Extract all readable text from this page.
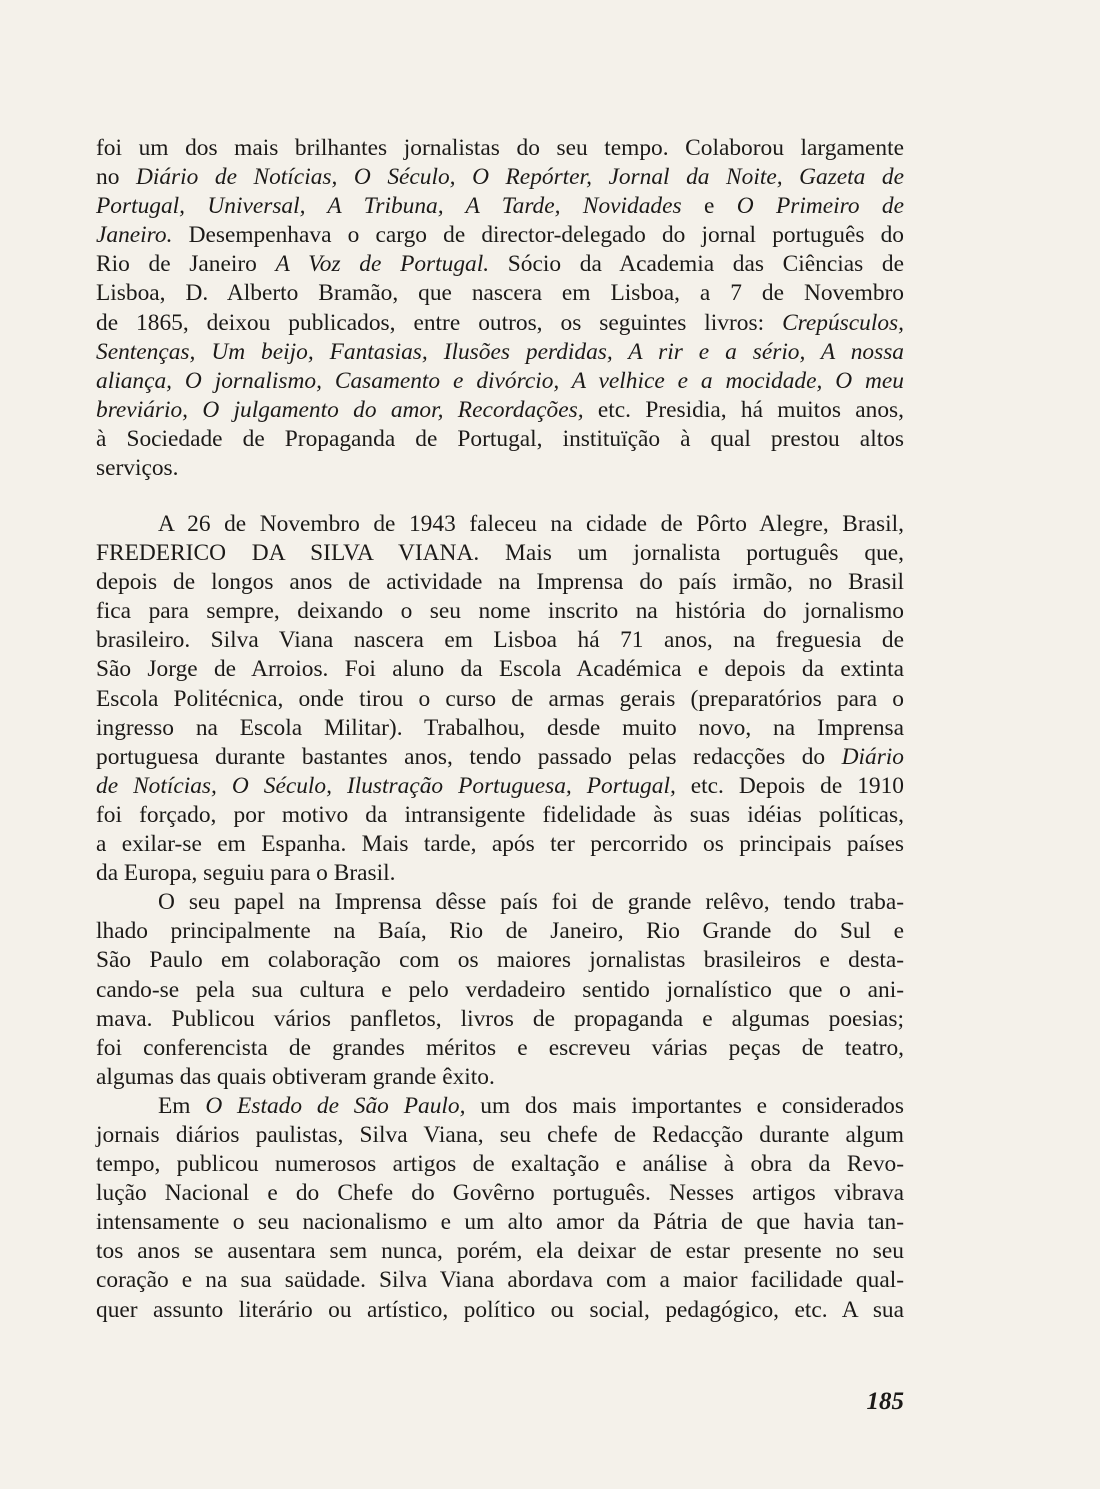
foi um dos mais brilhantes jornalistas do seu tempo. Colaborou largamente
no Diário de Notícias, O Século, O Repórter, Jornal da Noite, Gazeta de
Portugal, Universal, A Tribuna, A Tarde, Novidades e O Primeiro de
Janeiro. Desempenhava o cargo de director-delegado do jornal português do
Rio de Janeiro A Voz de Portugal. Sócio da Academia das Ciências de
Lisboa, D. Alberto Bramão, que nascera em Lisboa, a 7 de Novembro
de 1865, deixou publicados, entre outros, os seguintes livros: Crepúsculos,
Sentenças, Um beijo, Fantasias, Ilusões perdidas, A rir e a sério, A nossa
aliança, O jornalismo, Casamento e divórcio, A velhice e a mocidade, O meu
breviário, O julgamento do amor, Recordações, etc. Presidia, há muitos anos,
à Sociedade de Propaganda de Portugal, instituïção à qual prestou altos
serviços.
A 26 de Novembro de 1943 faleceu na cidade de Pôrto Alegre, Brasil,
FREDERICO DA SILVA VIANA. Mais um jornalista português que,
depois de longos anos de actividade na Imprensa do país irmão, no Brasil
fica para sempre, deixando o seu nome inscrito na história do jornalismo
brasileiro. Silva Viana nascera em Lisboa há 71 anos, na freguesia de
São Jorge de Arroios. Foi aluno da Escola Académica e depois da extinta
Escola Politécnica, onde tirou o curso de armas gerais (preparatórios para o
ingresso na Escola Militar). Trabalhou, desde muito novo, na Imprensa
portuguesa durante bastantes anos, tendo passado pelas redacções do Diário
de Notícias, O Século, Ilustração Portuguesa, Portugal, etc. Depois de 1910
foi forçado, por motivo da intransigente fidelidade às suas idéias políticas,
a exilar-se em Espanha. Mais tarde, após ter percorrido os principais países
da Europa, seguiu para o Brasil.
O seu papel na Imprensa dêsse país foi de grande relêvo, tendo traba-
lhado principalmente na Baía, Rio de Janeiro, Rio Grande do Sul e
São Paulo em colaboração com os maiores jornalistas brasileiros e desta-
cando-se pela sua cultura e pelo verdadeiro sentido jornalístico que o ani-
mava. Publicou vários panfletos, livros de propaganda e algumas poesias;
foi conferencista de grandes méritos e escreveu várias peças de teatro,
algumas das quais obtiveram grande êxito.
Em O Estado de São Paulo, um dos mais importantes e considerados
jornais diários paulistas, Silva Viana, seu chefe de Redacção durante algum
tempo, publicou numerosos artigos de exaltação e análise à obra da Revo-
lução Nacional e do Chefe do Govêrno português. Nesses artigos vibrava
intensamente o seu nacionalismo e um alto amor da Pátria de que havia tan-
tos anos se ausentara sem nunca, porém, ela deixar de estar presente no seu
coração e na sua saüdade. Silva Viana abordava com a maior facilidade qual-
quer assunto literário ou artístico, político ou social, pedagógico, etc. A sua
185
